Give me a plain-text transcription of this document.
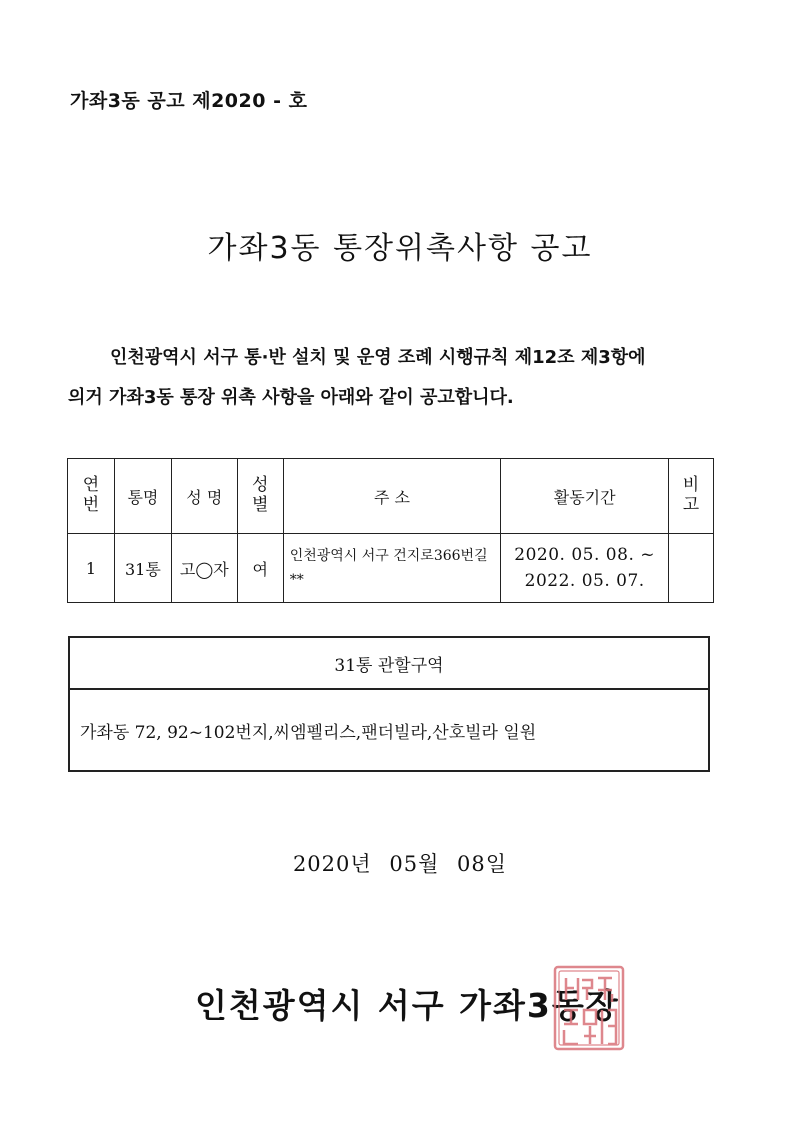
가좌3동 공고 제2020 - 호
가좌3동 통장위촉사항 공고
인천광역시 서구 통·반 설치 및 운영 조례 시행규칙 제12조 제3항에
의거 가좌3동 통장 위촉 사항을 아래와 같이 공고합니다.
연번	통명	성 명	성별	주 소	활동기간	비고
1	31통	고◯자	여	인천광역시 서구 건지로366번길 **	2020. 05. 08. ~
2022. 05. 07.	

31통 관할구역
가좌동 72, 92~102번지,씨엠펠리스,팬더빌라,산호빌라 일원
2020년 05월 08일
인천광역시 서구 가좌3동장
